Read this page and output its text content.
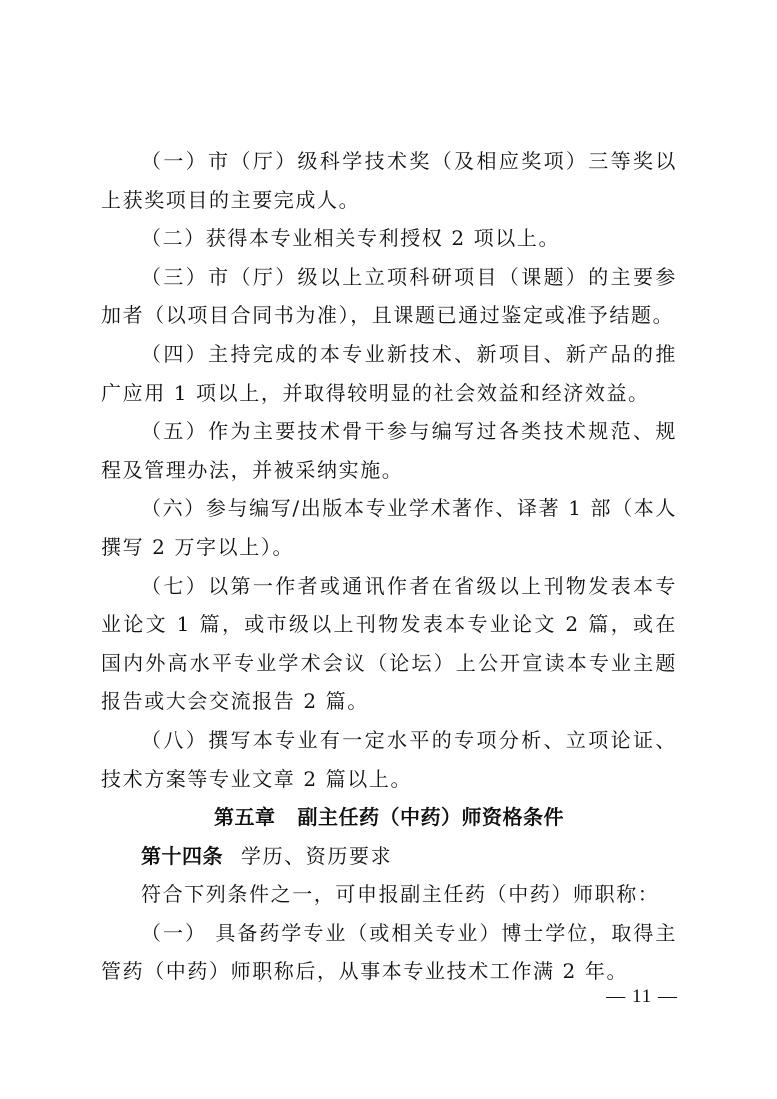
（一）市（厅）级科学技术奖（及相应奖项）三等奖以上获奖项目的主要完成人。

（二）获得本专业相关专利授权 2 项以上。

（三）市（厅）级以上立项科研项目（课题）的主要参加者（以项目合同书为准），且课题已通过鉴定或准予结题。

（四）主持完成的本专业新技术、新项目、新产品的推广应用 1 项以上，并取得较明显的社会效益和经济效益。

（五）作为主要技术骨干参与编写过各类技术规范、规程及管理办法，并被采纳实施。

（六）参与编写/出版本专业学术著作、译著 1 部（本人撰写 2 万字以上）。

（七）以第一作者或通讯作者在省级以上刊物发表本专业论文 1 篇，或市级以上刊物发表本专业论文 2 篇，或在国内外高水平专业学术会议（论坛）上公开宣读本专业主题报告或大会交流报告 2 篇。

（八）撰写本专业有一定水平的专项分析、立项论证、技术方案等专业文章 2 篇以上。

第五章 副主任药（中药）师资格条件

第十四条 学历、资历要求

符合下列条件之一，可申报副主任药（中药）师职称：

（一） 具备药学专业（或相关专业）博士学位，取得主管药（中药）师职称后，从事本专业技术工作满 2 年。

— 11 —
